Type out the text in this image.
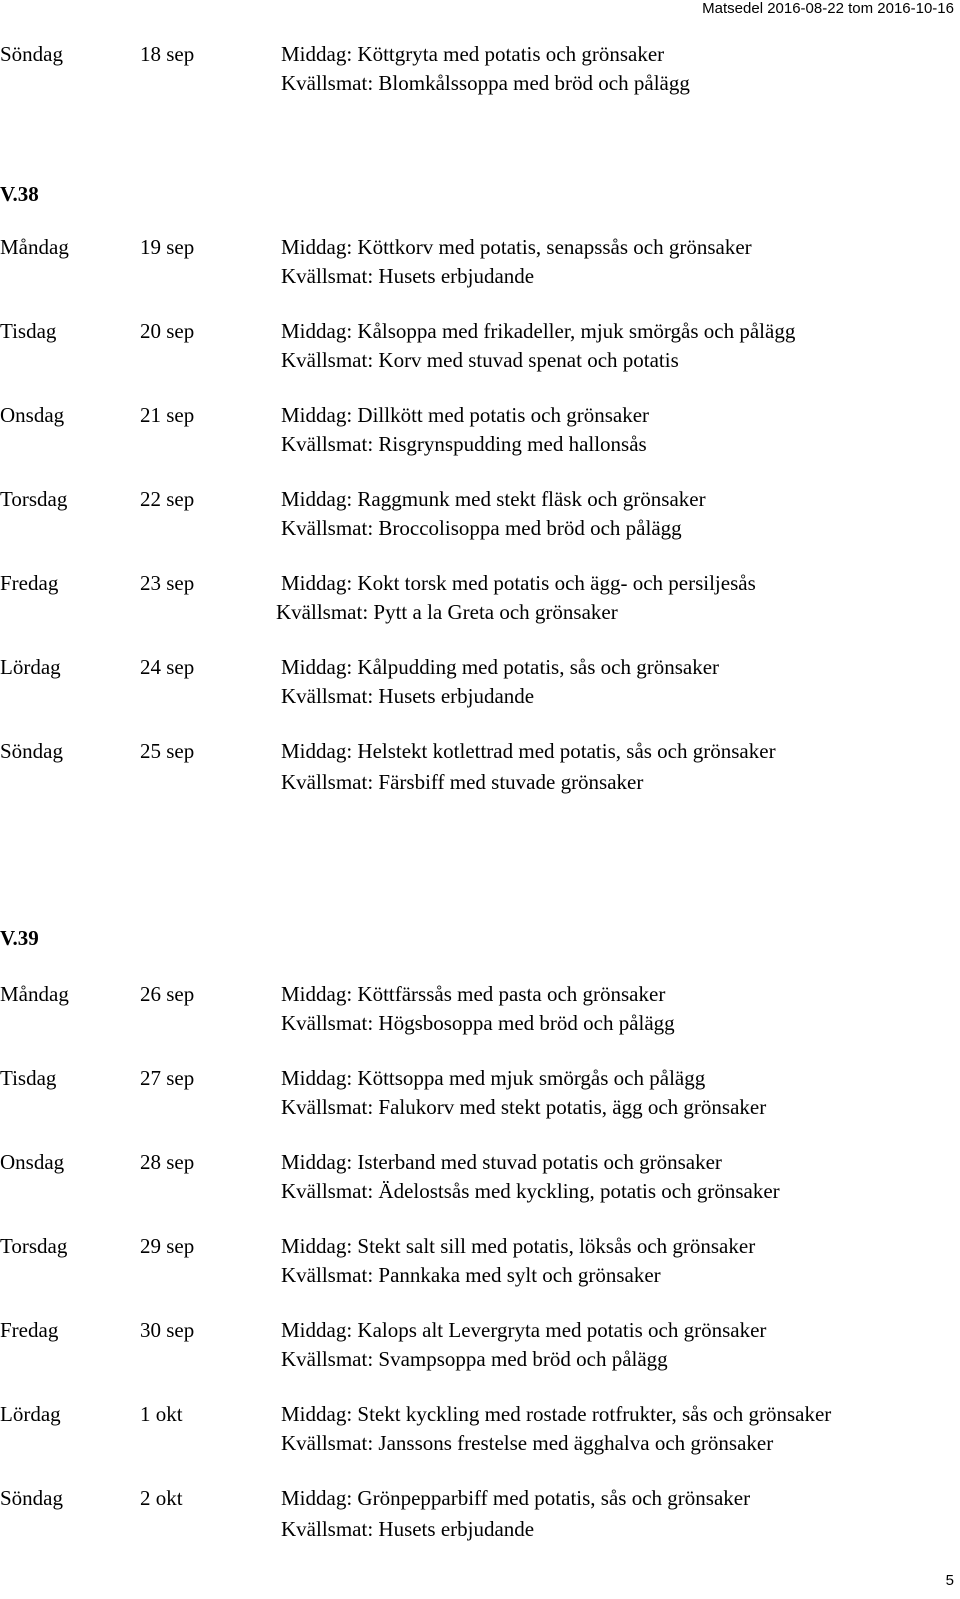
Matsedel 2016-08-22 tom 2016-10-16
Söndag	18 sep	Middag: Köttgryta med potatis och grönsaker
Kvällsmat: Blomkålssoppa med bröd och pålägg
V.38
Måndag	19 sep	Middag: Köttkorv med potatis, senapssås och grönsaker
Kvällsmat: Husets erbjudande
Tisdag	20 sep	Middag: Kålsoppa med frikadeller, mjuk smörgås och pålägg
Kvällsmat: Korv med stuvad spenat och potatis
Onsdag	21 sep	Middag: Dillkött med potatis och grönsaker
Kvällsmat: Risgrynspudding med hallonsås
Torsdag	22 sep	Middag: Raggmunk med stekt fläsk och grönsaker
Kvällsmat: Broccolisoppa med bröd och pålägg
Fredag	23 sep	Middag: Kokt torsk med potatis och ägg- och persiljesås
Kvällsmat: Pytt a la Greta och grönsaker
Lördag	24 sep	Middag: Kålpudding med potatis, sås och grönsaker
Kvällsmat: Husets erbjudande
Söndag	25 sep	Middag: Helstekt kotlettrad med potatis, sås och grönsaker
Kvällsmat: Färsbiff med stuvade grönsaker
V.39
Måndag	26 sep	Middag: Köttfärssås med pasta och grönsaker
Kvällsmat: Högsbosoppa med bröd och pålägg
Tisdag	27 sep	Middag: Köttsoppa med mjuk smörgås och pålägg
Kvällsmat: Falukorv med stekt potatis, ägg och grönsaker
Onsdag	28 sep	Middag: Isterband med stuvad potatis och grönsaker
Kvällsmat: Ädelostsås med kyckling, potatis och grönsaker
Torsdag	29 sep	Middag: Stekt salt sill med potatis, löksås och grönsaker
Kvällsmat: Pannkaka med sylt och grönsaker
Fredag	30 sep	Middag: Kalops alt Levergryta med potatis och grönsaker
Kvällsmat: Svampsoppa med bröd och pålägg
Lördag	1 okt	Middag: Stekt kyckling med rostade rotfrukter, sås och grönsaker
Kvällsmat: Janssons frestelse med ägghalva och grönsaker
Söndag	2 okt	Middag: Grönpepparbiff med potatis, sås och grönsaker
Kvällsmat: Husets erbjudande
5
